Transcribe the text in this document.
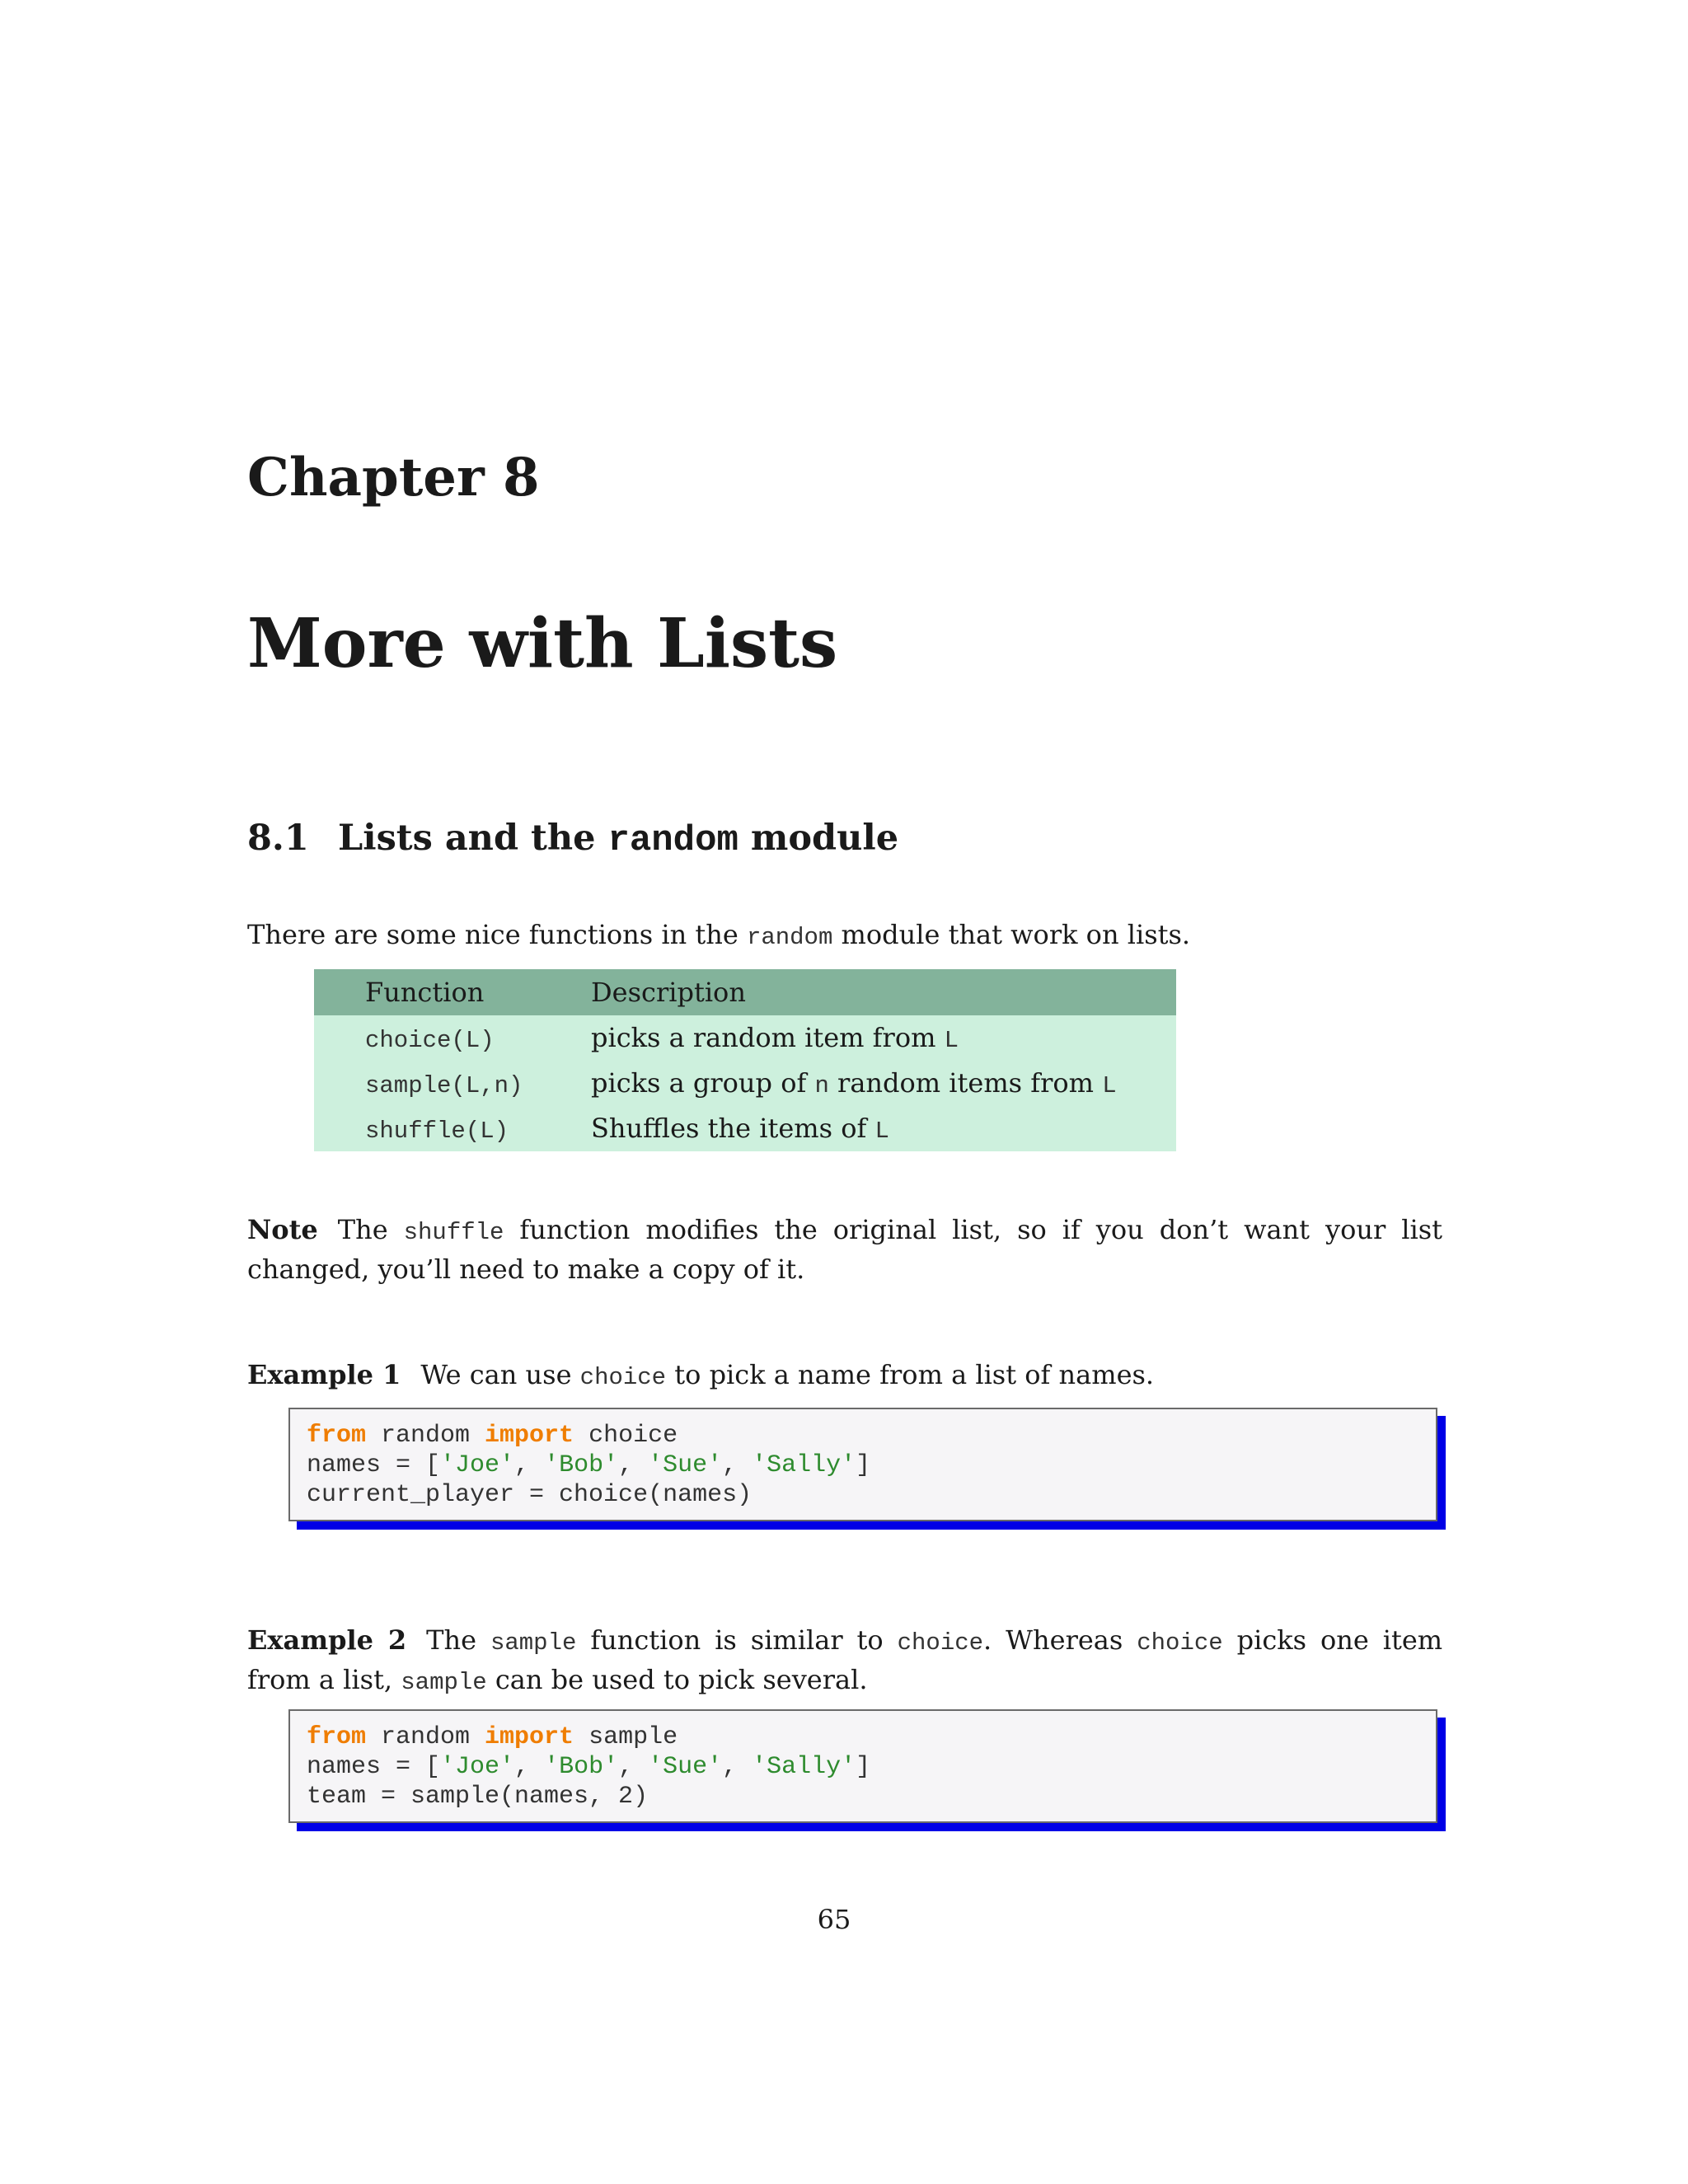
Chapter 8
More with Lists
8.1 Lists and the random module

There are some nice functions in the random module that work on lists.

Function	Description
choice(L)	picks a random item from L
sample(L,n)	picks a group of n random items from L
shuffle(L)	Shuffles the items of L

Note The shuffle function modifies the original list, so if you don’t want your list changed, you’ll need to make a copy of it.

Example 1 We can use choice to pick a name from a list of names.

from random import choice
names = ['Joe', 'Bob', 'Sue', 'Sally']
current_player = choice(names)

Example 2 The sample function is similar to choice. Whereas choice picks one item from a list, sample can be used to pick several.

from random import sample
names = ['Joe', 'Bob', 'Sue', 'Sally']
team = sample(names, 2)

65
